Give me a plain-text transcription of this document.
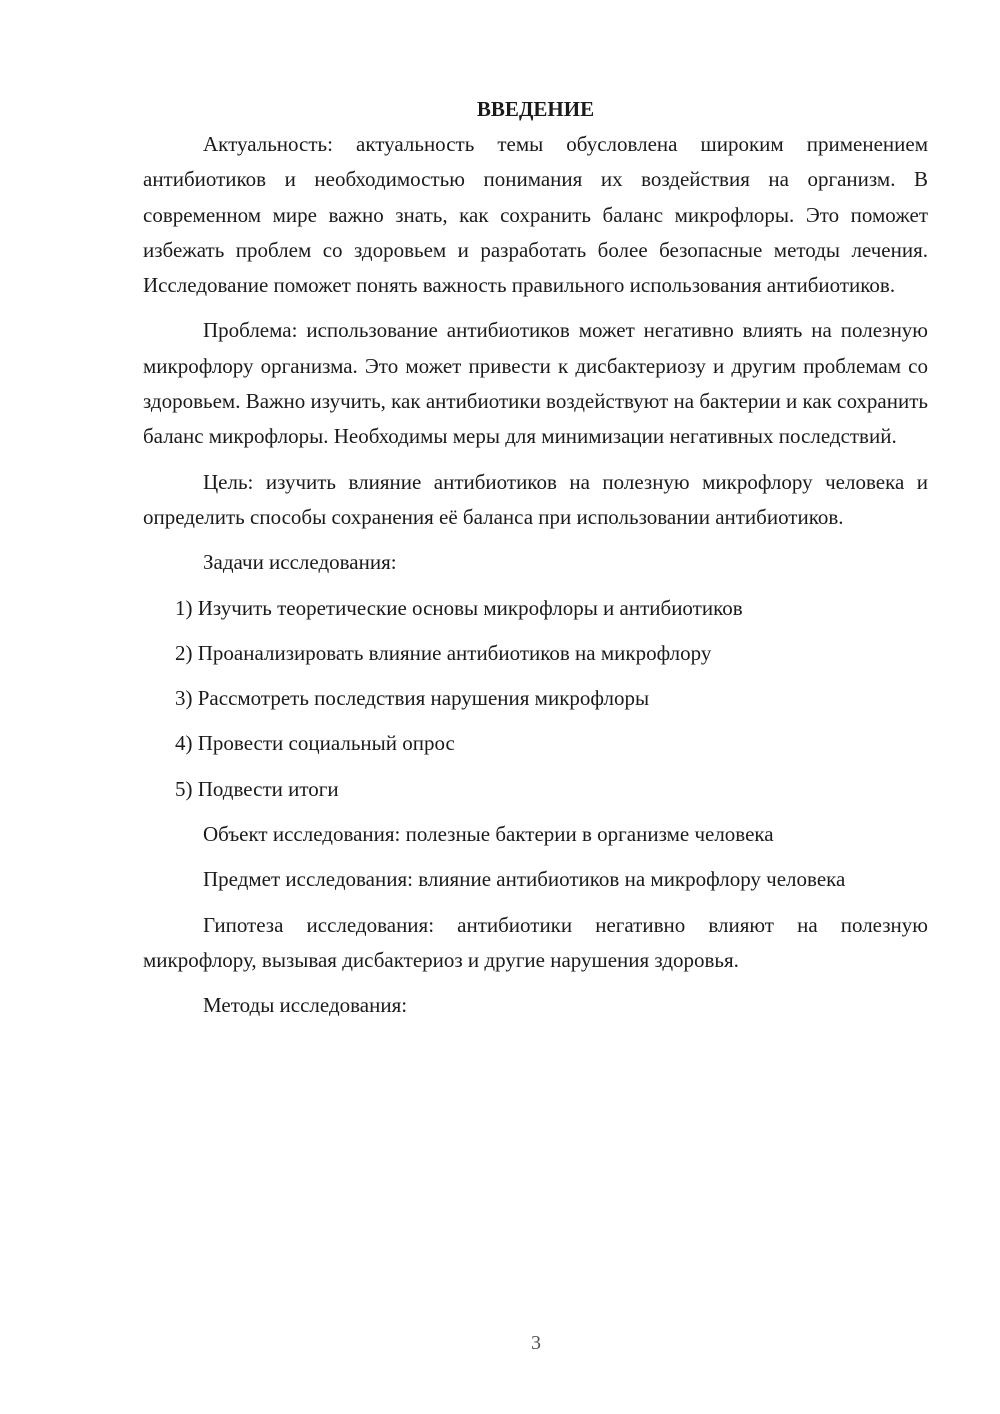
ВВЕДЕНИЕ

Актуальность: актуальность темы обусловлена широким применением антибиотиков и необходимостью понимания их воздействия на организм. В современном мире важно знать, как сохранить баланс микрофлоры. Это поможет избежать проблем со здоровьем и разработать более безопасные методы лечения. Исследование поможет понять важность правильного использования антибиотиков.

Проблема: использование антибиотиков может негативно влиять на полезную микрофлору организма. Это может привести к дисбактериозу и другим проблемам со здоровьем. Важно изучить, как антибиотики воздействуют на бактерии и как сохранить баланс микрофлоры. Необходимы меры для минимизации негативных последствий.

Цель: изучить влияние антибиотиков на полезную микрофлору человека и определить способы сохранения её баланса при использовании антибиотиков.

Задачи исследования:

1) Изучить теоретические основы микрофлоры и антибиотиков
2) Проанализировать влияние антибиотиков на микрофлору
3) Рассмотреть последствия нарушения микрофлоры
4) Провести социальный опрос
5) Подвести итоги

Объект исследования: полезные бактерии в организме человека

Предмет исследования: влияние антибиотиков на микрофлору человека

Гипотеза исследования: антибиотики негативно влияют на полезную микрофлору, вызывая дисбактериоз и другие нарушения здоровья.

Методы исследования:

3
